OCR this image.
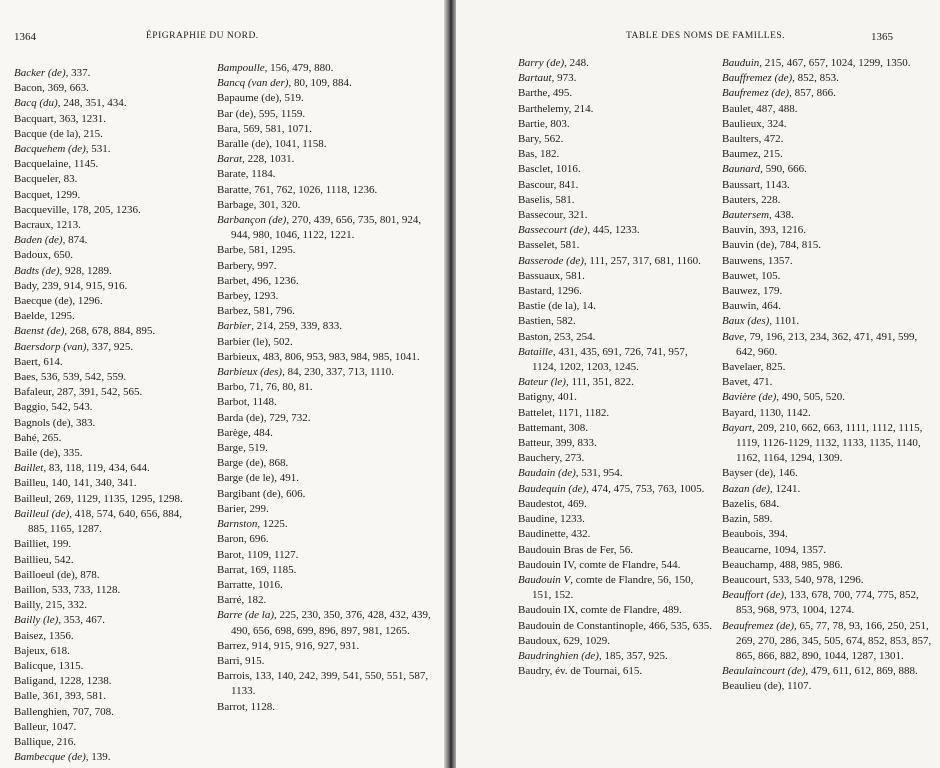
1364	ÉPIGRAPHIE DU NORD.
Backer (de), 337.
Bacon, 369, 663.
Bacq (du), 248, 351, 434.
Bacquart, 363, 1231.
Bacque (de la), 215.
Bacquehem (de), 531.
Bacquelaine, 1145.
Bacqueler, 83.
Bacquet, 1299.
Bacqueville, 178, 205, 1236.
Bacraux, 1213.
Baden (de), 874.
Badoux, 650.
Badts (de), 928, 1289.
Bady, 239, 914, 915, 916.
Baecque (de), 1296.
Baelde, 1295.
Baenst (de), 268, 678, 884, 895.
Baersdorp (van), 337, 925.
Baert, 614.
Baes, 536, 539, 542, 559.
Bafaleur, 287, 391, 542, 565.
Baggio, 542, 543.
Bagnols (de), 383.
Bahé, 265.
Baile (de), 335.
Baillet, 83, 118, 119, 434, 644.
Bailleu, 140, 141, 340, 341.
Bailleul, 269, 1129, 1135, 1295, 1298.
Bailleul (de), 418, 574, 640, 656, 884, 885, 1165, 1287.
Bailliet, 199.
Baillieu, 542.
Bailloeul (de), 878.
Baillon, 533, 733, 1128.
Bailly, 215, 332.
Bailly (le), 353, 467.
Baisez, 1356.
Bajeux, 618.
Balicque, 1315.
Baligand, 1228, 1238.
Balle, 361, 393, 581.
Ballenghien, 707, 708.
Balleur, 1047.
Ballique, 216.
Bambecque (de), 139.
Bampoulle, 156, 479, 880.
Bancq (van der), 80, 109, 884.
Bapaume (de), 519.
Bar (de), 595, 1159.
Bara, 569, 581, 1071.
Baralle (de), 1041, 1158.
Barat, 228, 1031.
Barate, 1184.
Baratte, 761, 762, 1026, 1118, 1236.
Barbage, 301, 320.
Barbançon (de), 270, 439, 656, 735, 801, 924, 944, 980, 1046, 1122, 1221.
Barbe, 581, 1295.
Barbery, 997.
Barbet, 496, 1236.
Barbey, 1293.
Barbez, 581, 796.
Barbier, 214, 259, 339, 833.
Barbier (le), 502.
Barbieux, 483, 806, 953, 983, 984, 985, 1041.
Barbieux (des), 84, 230, 337, 713, 1110.
Barbo, 71, 76, 80, 81.
Barbot, 1148.
Barda (de), 729, 732.
Barège, 484.
Barge, 519.
Barge (de), 868.
Barge (de le), 491.
Bargibant (de), 606.
Barier, 299.
Barnston, 1225.
Baron, 696.
Barot, 1109, 1127.
Barrat, 169, 1185.
Barratte, 1016.
Barré, 182.
Barre (de la), 225, 230, 350, 376, 428, 432, 439, 490, 656, 698, 699, 896, 897, 981, 1265.
Barrez, 914, 915, 916, 927, 931.
Barri, 915.
Barrois, 133, 140, 242, 399, 541, 550, 551, 587, 1133.
Barrot, 1128.
TABLE DES NOMS DE FAMILLES.	1365
Barry (de), 248.
Bartaut, 973.
Barthe, 495.
Barthelemy, 214.
Bartie, 803.
Bary, 562.
Bas, 182.
Basclet, 1016.
Bascour, 841.
Baselis, 581.
Bassecour, 321.
Bassecourt (de), 445, 1233.
Basselet, 581.
Basserode (de), 111, 257, 317, 681, 1160.
Bassuaux, 581.
Bastard, 1296.
Bastie (de la), 14.
Bastien, 582.
Baston, 253, 254.
Bataille, 431, 435, 691, 726, 741, 957, 1124, 1202, 1203, 1245.
Bateur (le), 111, 351, 822.
Batigny, 401.
Battelet, 1171, 1182.
Battemant, 308.
Batteur, 399, 833.
Bauchery, 273.
Baudain (de), 531, 954.
Baudequin (de), 474, 475, 753, 763, 1005.
Baudestot, 469.
Baudine, 1233.
Baudinette, 432.
Baudouin Bras de Fer, 56.
Baudouin IV, comte de Flandre, 544.
Baudouin V, comte de Flandre, 56, 150, 151, 152.
Baudouin IX, comte de Flandre, 489.
Baudouin de Constantinople, 466, 535, 635.
Baudoux, 629, 1029.
Baudringhien (de), 185, 357, 925.
Baudry, év. de Tournai, 615.
Bauduin, 215, 467, 657, 1024, 1299, 1350.
Bauffremez (de), 852, 853.
Baufremez (de), 857, 866.
Baulet, 487, 488.
Baulieux, 324.
Baulters, 472.
Baumez, 215.
Baunard, 590, 666.
Baussart, 1143.
Bauters, 228.
Bautersem, 438.
Bauvin, 393, 1216.
Bauvin (de), 784, 815.
Bauwens, 1357.
Bauwet, 105.
Bauwez, 179.
Bauwin, 464.
Baux (des), 1101.
Bave, 79, 196, 213, 234, 362, 471, 491, 599, 642, 960.
Bavelaer, 825.
Bavet, 471.
Bavière (de), 490, 505, 520.
Bayard, 1130, 1142.
Bayart, 209, 210, 662, 663, 1111, 1112, 1115, 1119, 1126-1129, 1132, 1133, 1135, 1140, 1162, 1164, 1294, 1309.
Bayser (de), 146.
Bazan (de), 1241.
Bazelis, 684.
Bazin, 589.
Beaubois, 394.
Beaucarne, 1094, 1357.
Beauchamp, 488, 985, 986.
Beaucourt, 533, 540, 978, 1296.
Beauffort (de), 133, 678, 700, 774, 775, 852, 853, 968, 973, 1004, 1274.
Beaufremez (de), 65, 77, 78, 93, 166, 250, 251, 269, 270, 286, 345, 505, 674, 852, 853, 857, 865, 866, 882, 890, 1044, 1287, 1301.
Beaulaincourt (de), 479, 611, 612, 869, 888.
Beaulieu (de), 1107.
